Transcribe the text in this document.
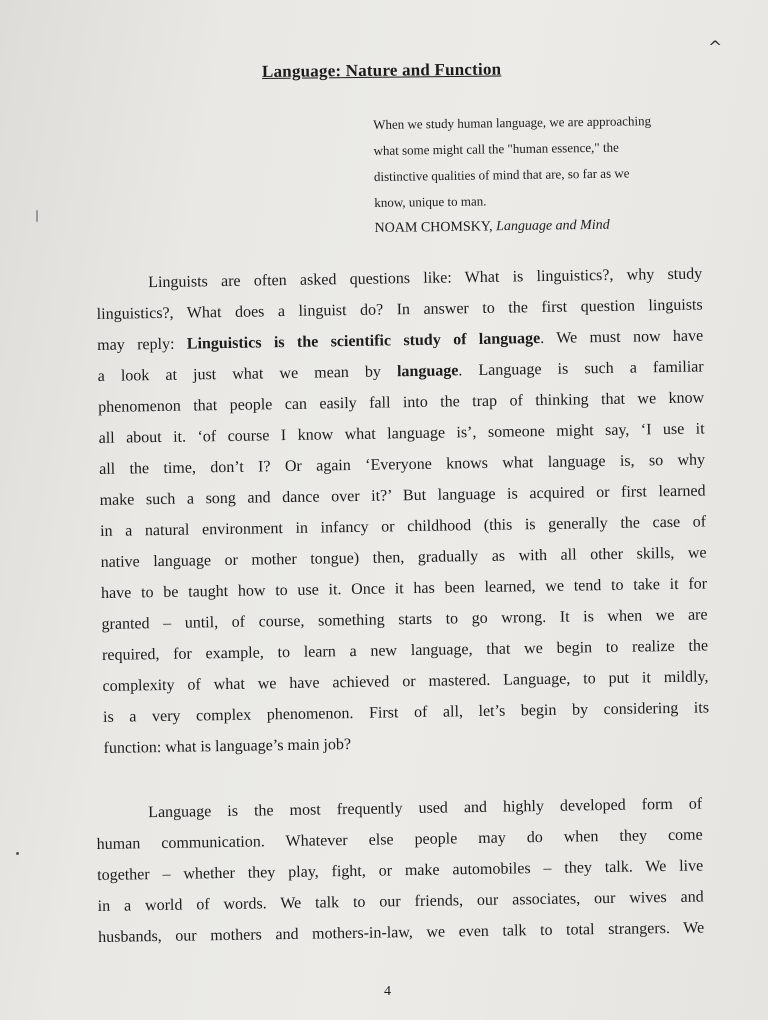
^
Language: Nature and Function
When we study human language, we are approaching
what some might call the "human essence," the
distinctive qualities of mind that are, so far as we
know, unique to man.
NOAM CHOMSKY, Language and Mind
Linguists are often asked questions like: What is linguistics?, why study
linguistics?, What does a linguist do? In answer to the first question linguists
may reply: Linguistics is the scientific study of language. We must now have
a look at just what we mean by language. Language is such a familiar
phenomenon that people can easily fall into the trap of thinking that we know
all about it. ‘of course I know what language is’, someone might say, ‘I use it
all the time, don’t I? Or again ‘Everyone knows what language is, so why
make such a song and dance over it?’ But language is acquired or first learned
in a natural environment in infancy or childhood (this is generally the case of
native language or mother tongue) then, gradually as with all other skills, we
have to be taught how to use it. Once it has been learned, we tend to take it for
granted – until, of course, something starts to go wrong. It is when we are
required, for example, to learn a new language, that we begin to realize the
complexity of what we have achieved or mastered. Language, to put it mildly,
is a very complex phenomenon. First of all, let’s begin by considering its
function: what is language’s main job?
Language is the most frequently used and highly developed form of
human communication. Whatever else people may do when they come
together – whether they play, fight, or make automobiles – they talk. We live
in a world of words. We talk to our friends, our associates, our wives and
husbands, our mothers and mothers-in-law, we even talk to total strangers. We
4
